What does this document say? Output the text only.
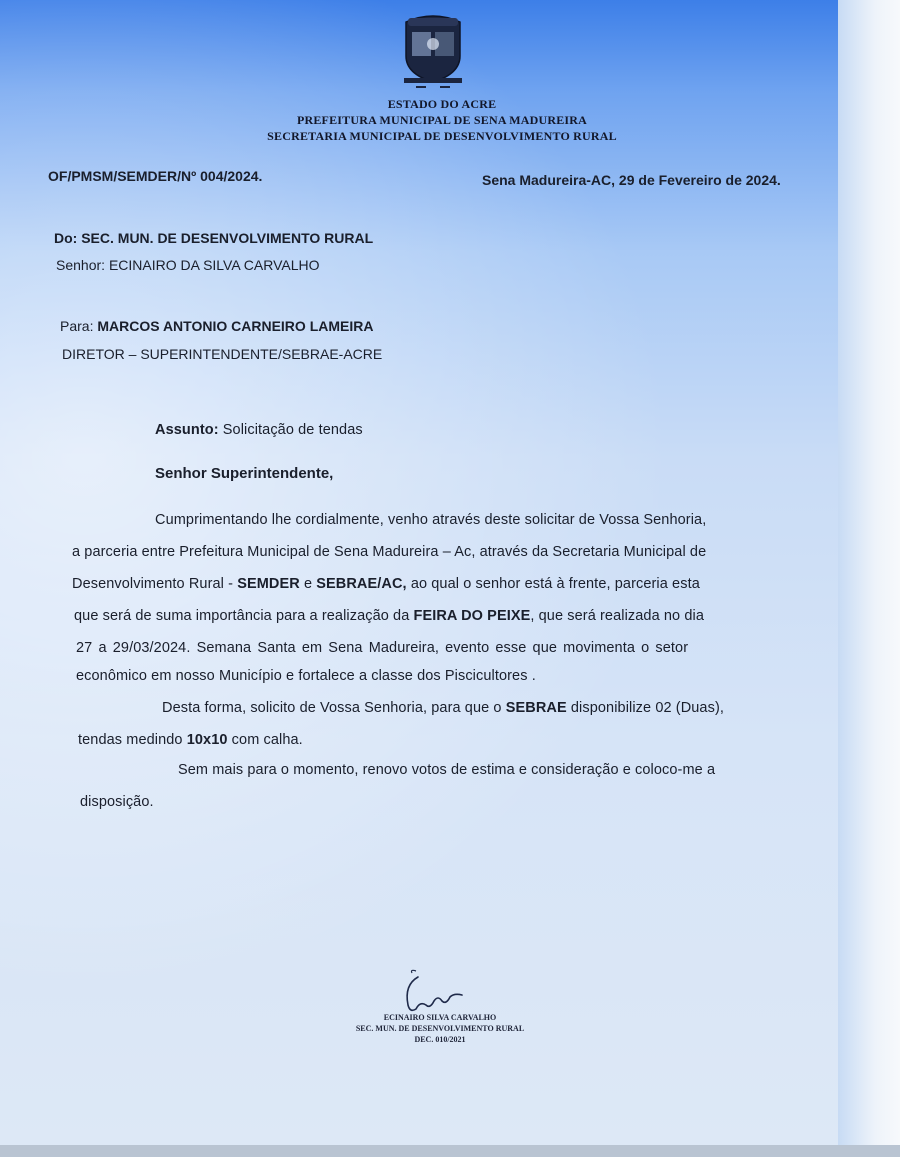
ESTADO DO ACRE
PREFEITURA MUNICIPAL DE SENA MADUREIRA
SECRETARIA MUNICIPAL DE DESENVOLVIMENTO RURAL
OF/PMSM/SEMDER/Nº 004/2024.	Sena Madureira-AC, 29 de Fevereiro de 2024.
Do: SEC. MUN. DE DESENVOLVIMENTO RURAL
Senhor: ECINAIRO DA SILVA CARVALHO
Para: MARCOS ANTONIO CARNEIRO LAMEIRA
DIRETOR – SUPERINTENDENTE/SEBRAE-ACRE
Assunto: Solicitação de tendas
Senhor Superintendente,
Cumprimentando lhe cordialmente, venho através deste solicitar de Vossa Senhoria,
a parceria entre Prefeitura Municipal de Sena Madureira – Ac, através da Secretaria Municipal de
Desenvolvimento Rural - SEMDER e SEBRAE/AC, ao qual o senhor está à frente, parceria esta
que será de suma importância para a realização da FEIRA DO PEIXE, que será realizada no dia
27 a 29/03/2024. Semana Santa em Sena Madureira, evento esse que movimenta o setor
econômico em nosso Município e fortalece a classe dos Piscicultores .
Desta forma, solicito de Vossa Senhoria, para que o SEBRAE disponibilize 02 (Duas),
tendas medindo 10x10 com calha.
Sem mais para o momento, renovo votos de estima e consideração e coloco-me a
disposição.
ECINAIRO SILVA CARVALHO
SEC. MUN. DE DESENVOLVIMENTO RURAL
DEC. 010/2021
